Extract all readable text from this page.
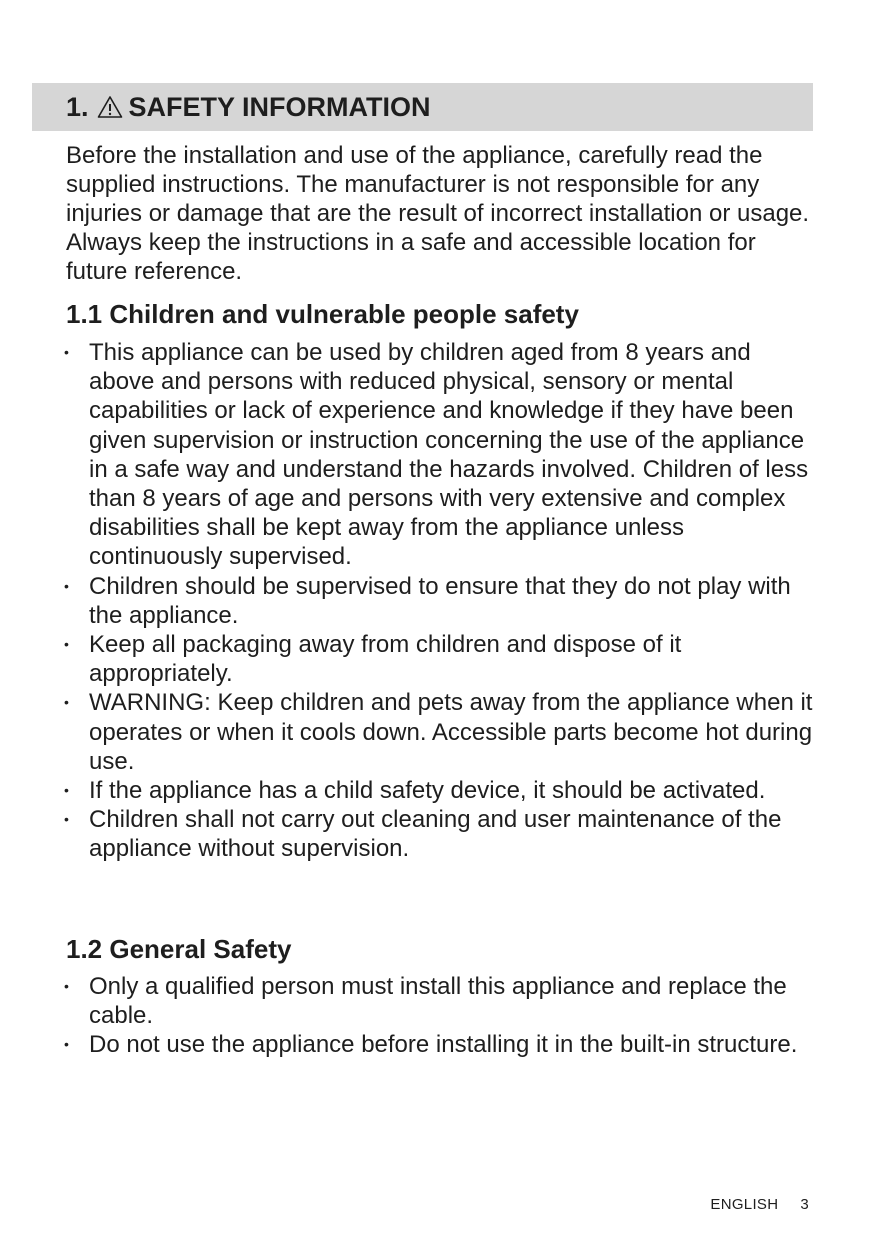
1. SAFETY INFORMATION

Before the installation and use of the appliance, carefully read the supplied instructions. The manufacturer is not responsible for any injuries or damage that are the result of incorrect installation or usage. Always keep the instructions in a safe and accessible location for future reference.

1.1 Children and vulnerable people safety
• This appliance can be used by children aged from 8 years and above and persons with reduced physical, sensory or mental capabilities or lack of experience and knowledge if they have been given supervision or instruction concerning the use of the appliance in a safe way and understand the hazards involved. Children of less than 8 years of age and persons with very extensive and complex disabilities shall be kept away from the appliance unless continuously supervised.
• Children should be supervised to ensure that they do not play with the appliance.
• Keep all packaging away from children and dispose of it appropriately.
• WARNING: Keep children and pets away from the appliance when it operates or when it cools down. Accessible parts become hot during use.
• If the appliance has a child safety device, it should be activated.
• Children shall not carry out cleaning and user maintenance of the appliance without supervision.
1.2 General Safety
• Only a qualified person must install this appliance and replace the cable.
• Do not use the appliance before installing it in the built-in structure.
ENGLISH 3
